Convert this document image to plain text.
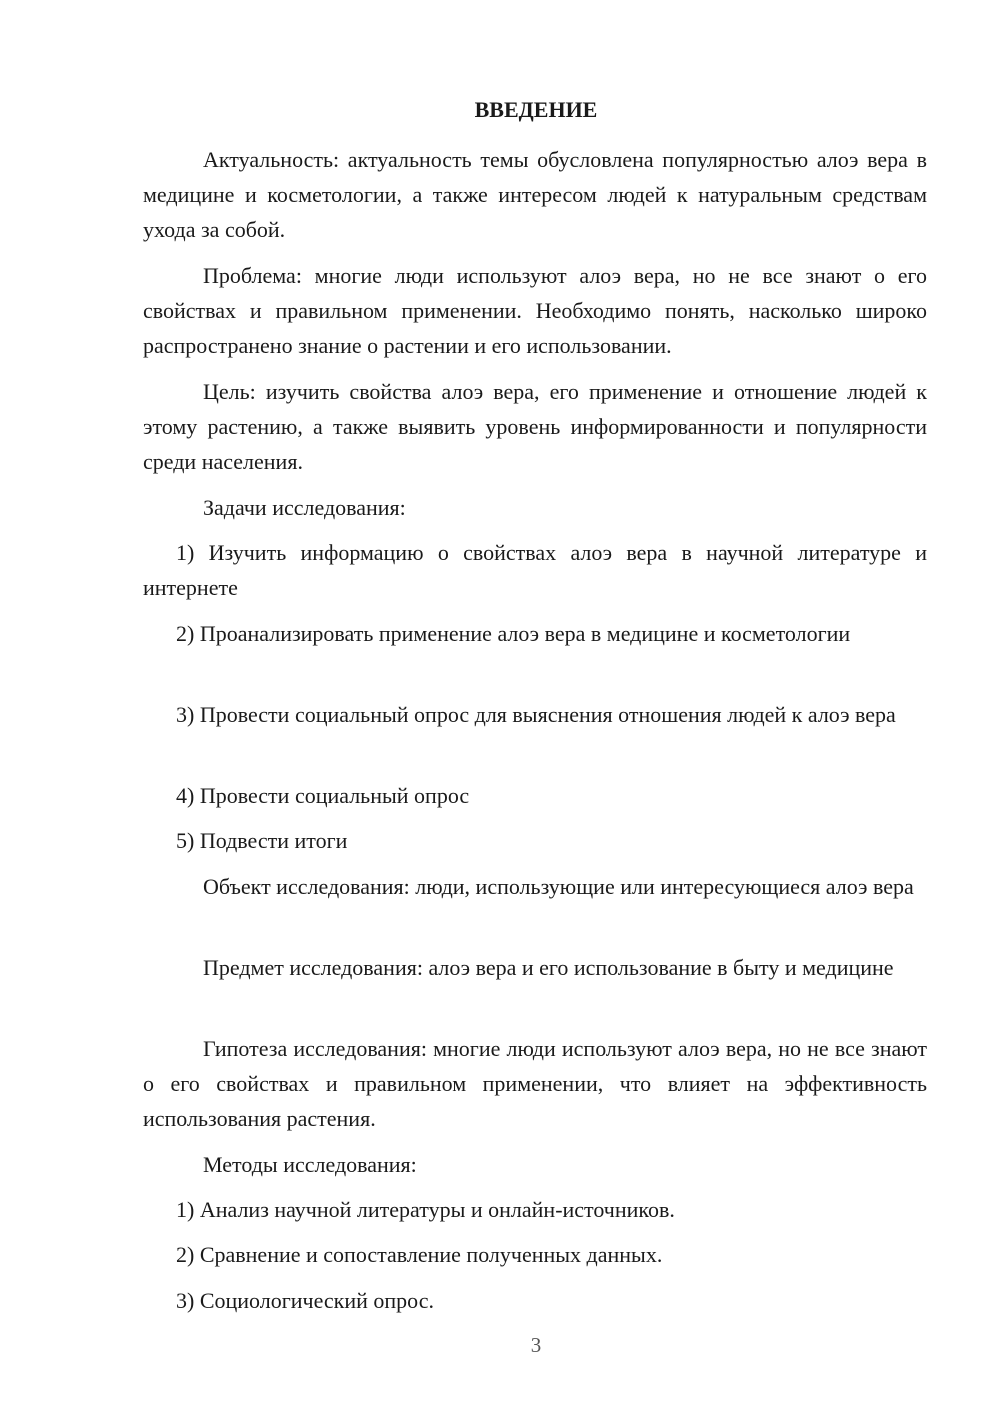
ВВЕДЕНИЕ

Актуальность: актуальность темы обусловлена популярностью алоэ вера в медицине и косметологии, а также интересом людей к натуральным средствам ухода за собой.

Проблема: многие люди используют алоэ вера, но не все знают о его свойствах и правильном применении. Необходимо понять, насколько широко распространено знание о растении и его использовании.

Цель: изучить свойства алоэ вера, его применение и отношение людей к этому растению, а также выявить уровень информированности и популярности среди населения.

Задачи исследования:

1) Изучить информацию о свойствах алоэ вера в научной литературе и интернете

2) Проанализировать применение алоэ вера в медицине и косметологии

3) Провести социальный опрос для выяснения отношения людей к алоэ вера

4) Провести социальный опрос

5) Подвести итоги

Объект исследования: люди, использующие или интересующиеся алоэ вера

Предмет исследования: алоэ вера и его использование в быту и медицине

Гипотеза исследования: многие люди используют алоэ вера, но не все знают о его свойствах и правильном применении, что влияет на эффективность использования растения.

Методы исследования:

1) Анализ научной литературы и онлайн-источников.

2) Сравнение и сопоставление полученных данных.

3) Социологический опрос.

3
